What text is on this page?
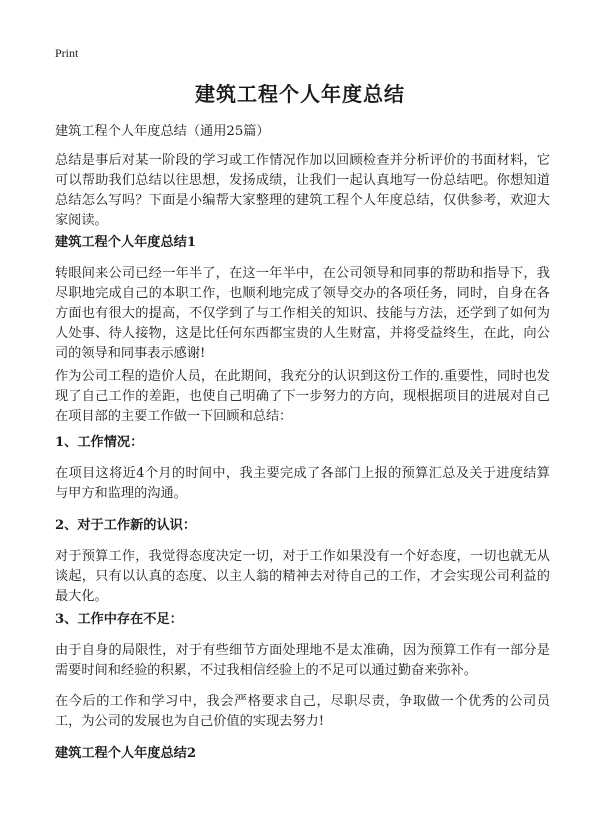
Print
建筑工程个人年度总结

建筑工程个人年度总结（通用25篇）

总结是事后对某一阶段的学习或工作情况作加以回顾检查并分析评价的书面材料，它可以帮助我们总结以往思想，发扬成绩，让我们一起认真地写一份总结吧。你想知道总结怎么写吗？下面是小编帮大家整理的建筑工程个人年度总结，仅供参考，欢迎大家阅读。

建筑工程个人年度总结1

转眼间来公司已经一年半了，在这一年半中，在公司领导和同事的帮助和指导下，我尽职地完成自己的本职工作，也顺利地完成了领导交办的各项任务，同时，自身在各方面也有很大的提高，不仅学到了与工作相关的知识、技能与方法，还学到了如何为人处事、待人接物，这是比任何东西都宝贵的人生财富，并将受益终生，在此，向公司的领导和同事表示感谢!

作为公司工程的造价人员，在此期间，我充分的认识到这份工作的.重要性，同时也发现了自己工作的差距，也使自己明确了下一步努力的方向，现根据项目的进展对自己在项目部的主要工作做一下回顾和总结：

1、工作情况：

在项目这将近4个月的时间中，我主要完成了各部门上报的预算汇总及关于进度结算与甲方和监理的沟通。

2、对于工作新的认识：

对于预算工作，我觉得态度决定一切，对于工作如果没有一个好态度，一切也就无从谈起，只有以认真的态度、以主人翁的精神去对待自己的工作，才会实现公司利益的最大化。

3、工作中存在不足：

由于自身的局限性，对于有些细节方面处理地不是太准确，因为预算工作有一部分是需要时间和经验的积累，不过我相信经验上的不足可以通过勤奋来弥补。

在今后的工作和学习中，我会严格要求自己，尽职尽责，争取做一个优秀的公司员工，为公司的发展也为自己价值的实现去努力!

建筑工程个人年度总结2
